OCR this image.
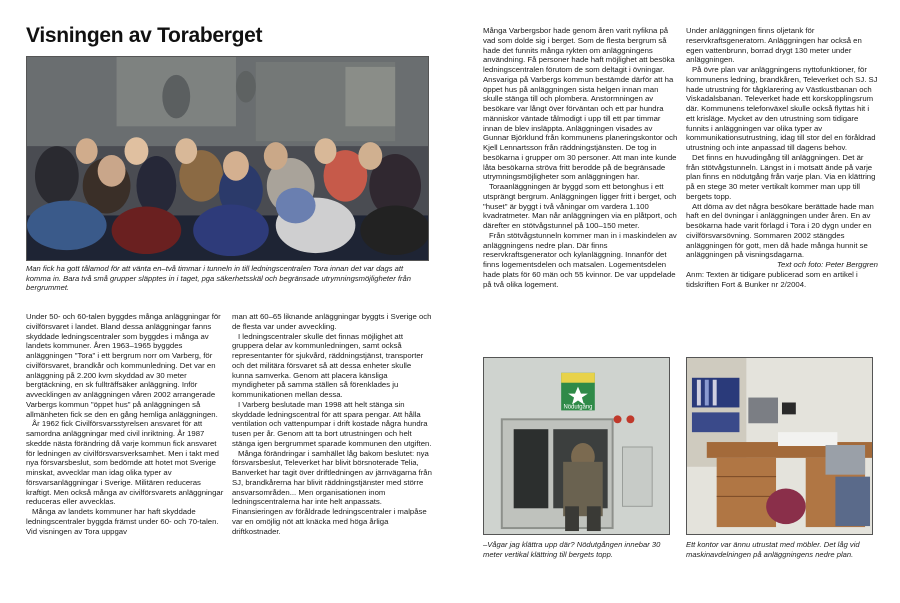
Visningen av Toraberget

Man fick ha gott tålamod för att vänta en–två timmar i tunneln in till ledningscentralen Tora innan det var dags att komma in. Bara två små grupper släpptes in i taget, pga säkerhetsskäl och begränsade utrymningsmöjligheter från bergrummet.

Under 50- och 60-talen byggdes många anläggningar för civilförsvaret i landet. Bland dessa anläggningar fanns skyddade ledningscentraler som byggdes i många av landets kommuner. Åren 1963–1965 byggdes anläggningen "Tora" i ett bergrum norr om Varberg, för civilförsvaret, brandkår och kommunledning. Det var en anläggning på 2.200 kvm skyddad av 30 meter bergtäckning, en sk fullträffsäker anläggning. Inför avvecklingen av anläggningen våren 2002 arrangerade Varbergs kommun "öppet hus" på anläggningen så allmänheten fick se den en gång hemliga anläggningen.

År 1962 fick Civilförsvarsstyrelsen ansvaret för att samordna anläggningar med civil inriktning. År 1987 skedde nästa förändring då varje kommun fick ansvaret för ledningen av civilförsvarsverksamhet. Men i takt med nya försvarsbeslut, som bedömde att hotet mot Sverige minskat, avvecklar man idag olika typer av försvarsanläggningar i Sverige. Militären reduceras kraftigt. Men också många av civilförsvarets anläggningar reduceras eller avvecklas.

Många av landets kommuner har haft skyddade ledningscentraler byggda främst under 60- och 70-talen. Vid visningen av Tora uppgav

man att 60–65 liknande anläggningar byggts i Sverige och de flesta var under avveckling.

I ledningscentraler skulle det finnas möjlighet att gruppera delar av kommunledningen, samt också representanter för sjukvård, räddningstjänst, transporter och det militära försvaret så att dessa enheter skulle kunna samverka. Genom att placera känsliga myndigheter på samma ställen så förenklades ju kommunikationen mellan dessa.

I Varberg beslutade man 1998 att helt stänga sin skyddade ledningscentral för att spara pengar. Att hålla ventilation och vattenpumpar i drift kostade några hundra tusen per år. Genom att ta bort utrustningen och helt stänga igen bergrummet sparade kommunen den utgiften.

Många förändringar i samhället låg bakom beslutet: nya försvarsbeslut, Televerket har blivit börsnoterade Telia, Banverket har tagit över driftledningen av järnvägarna från SJ, brandkårerna har blivit räddningstjänster med större ansvarsområden... Men organisationen inom ledningscentralerna har inte helt anpassats. Finansieringen av föråldrade ledningscentraler i malpåse var en omöjlig nöt att knäcka med höga årliga driftkostnader.

Många Varbergsbor hade genom åren varit nyfikna på vad som dolde sig i berget. Som de flesta bergrum så hade det funnits många rykten om anläggningens användning. Få personer hade haft möjlighet att besöka ledningscentralen förutom de som deltagit i övningar. Ansvariga på Varbergs kommun bestämde därför att ha öppet hus på anläggningen sista helgen innan man skulle stänga till och plombera. Anstormningen av besökare var långt över förväntan och ett par hundra människor väntade tålmodigt i upp till ett par timmar innan de blev insläppta. Anläggningen visades av Gunnar Björklund från kommunens planeringskontor och Kjell Lennartsson från räddningstjänsten. De tog in besökarna i grupper om 30 personer. Att man inte kunde låta besökarna ströva fritt berodde på de begränsade utrymningsmöjligheter som anläggningen har.

Toraanläggningen är byggd som ett betonghus i ett utsprängt bergrum. Anläggningen ligger fritt i berget, och "huset" är byggt i två våningar om vardera 1.100 kvadratmeter. Man når anläggningen via en plåtport, och därefter en stötvågstunnel på 100–150 meter.

Från stötvågstunneln kommer man in i maskindelen av anläggningens nedre plan. Där finns reservkraftsgenerator och kylanläggning. Innanför det finns logementsdelen och matsalen. Logementsdelen hade plats för 60 män och 55 kvinnor. De var uppdelade på två olika logement.

Under anläggningen finns oljetank för reservkraftsgeneratorn. Anläggningen har också en egen vattenbrunn, borrad drygt 130 meter under anläggningen.

På övre plan var anläggningens nyttofunktioner, för kommunens ledning, brandkåren, Televerket och SJ. SJ hade utrustning för tågklarering av Västkustbanan och Viskadalsbanan. Televerket hade ett korskopplingsrum där. Kommunens telefonväxel skulle också flyttas hit i ett krisläge. Mycket av den utrustning som tidigare funnits i anläggningen var olika typer av kommunikationsutrustning, idag till stor del en föråldrad utrustning och inte anpassad till dagens behov.

Det finns en huvudingång till anläggningen. Det är från stötvågstunneln. Längst in i motsatt ände på varje plan finns en nödutgång från varje plan. Via en klättring på en stege 30 meter vertikalt kommer man upp till bergets topp.

Att döma av det några besökare berättade hade man haft en del övningar i anläggningen under åren. En av besökarna hade varit förlagd i Tora i 20 dygn under en civilförsvarsövning. Sommaren 2002 stängdes anläggningen för gott, men då hade många hunnit se anläggningen på visningsdagarna.

Text och foto: Peter Berggren

Anm: Texten är tidigare publicerad som en artikel i tidskriften Fort & Bunker nr 2/2004.

Nödutgång

–Vågar jag klättra upp där? Nödutgången innebar 30 meter vertikal klättring till bergets topp.

Ett kontor var ännu utrustat med möbler. Det låg vid maskinavdelningen på anläggningens nedre plan.
